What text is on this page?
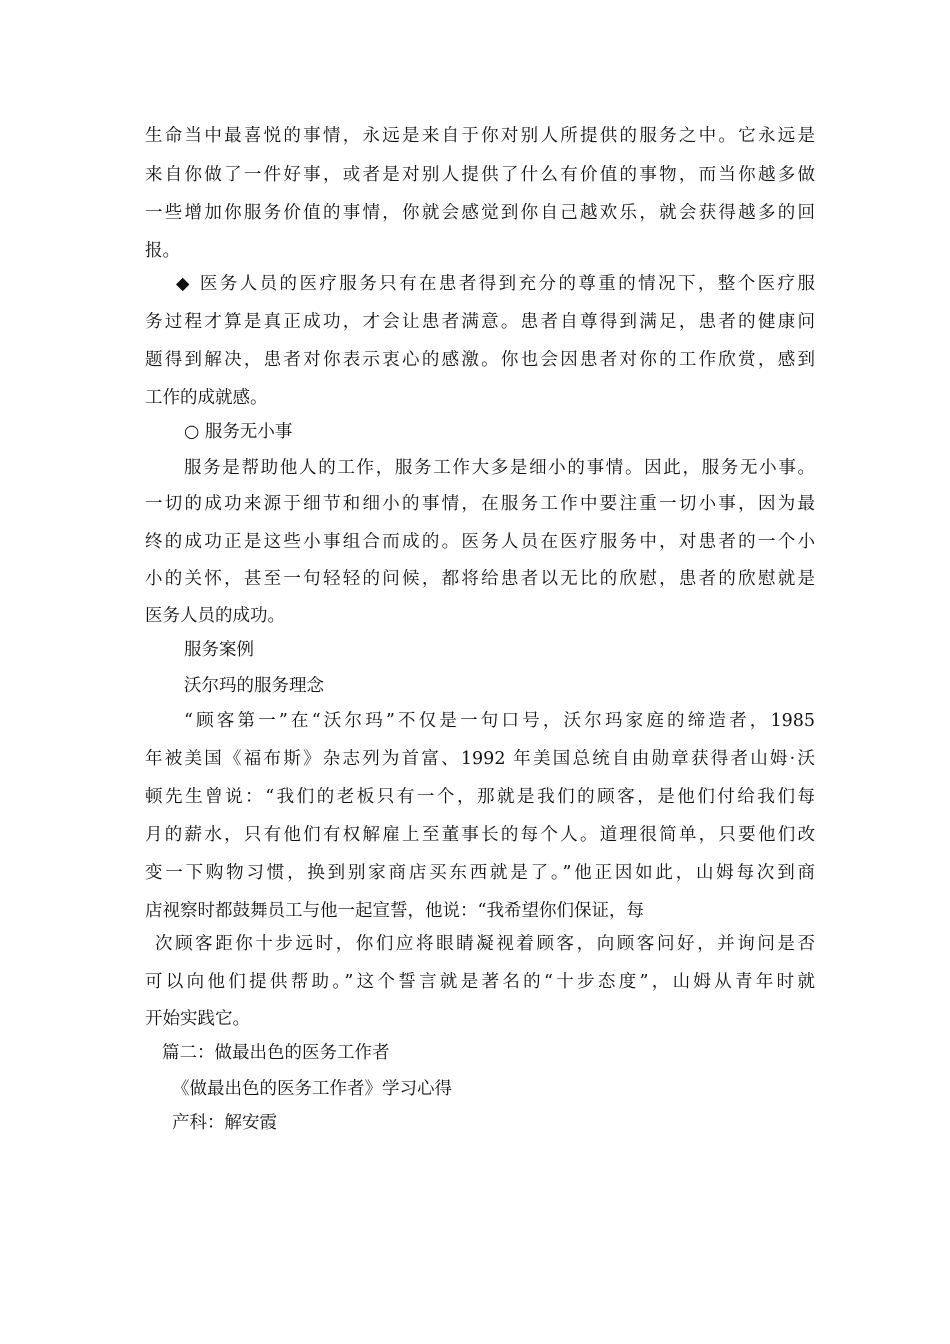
生命当中最喜悦的事情，永远是来自于你对别人所提供的服务之中。它永远是
来自你做了一件好事，或者是对别人提供了什么有价值的事物，而当你越多做
一些增加你服务价值的事情，你就会感觉到你自己越欢乐，就会获得越多的回
报。
◆ 医务人员的医疗服务只有在患者得到充分的尊重的情况下，整个医疗服
务过程才算是真正成功，才会让患者满意。患者自尊得到满足，患者的健康问
题得到解决，患者对你表示衷心的感激。你也会因患者对你的工作欣赏，感到
工作的成就感。
○ 服务无小事
服务是帮助他人的工作，服务工作大多是细小的事情。因此，服务无小事。
一切的成功来源于细节和细小的事情，在服务工作中要注重一切小事，因为最
终的成功正是这些小事组合而成的。医务人员在医疗服务中，对患者的一个小
小的关怀，甚至一句轻轻的问候，都将给患者以无比的欣慰，患者的欣慰就是
医务人员的成功。
服务案例
沃尔玛的服务理念
“顾客第一”在“沃尔玛”不仅是一句口号，沃尔玛家庭的缔造者，1985
年被美国《福布斯》杂志列为首富、1992 年美国总统自由勋章获得者山姆·沃
顿先生曾说：“我们的老板只有一个，那就是我们的顾客，是他们付给我们每
月的薪水，只有他们有权解雇上至董事长的每个人。道理很简单，只要他们改
变一下购物习惯，换到别家商店买东西就是了。”他正因如此，山姆每次到商
店视察时都鼓舞员工与他一起宣誓，他说：“我希望你们保证，每
次顾客距你十步远时，你们应将眼睛凝视着顾客，向顾客问好，并询问是否
可以向他们提供帮助。”这个誓言就是著名的“十步态度”，山姆从青年时就
开始实践它。
篇二：做最出色的医务工作者
《做最出色的医务工作者》学习心得
产科：解安霞
